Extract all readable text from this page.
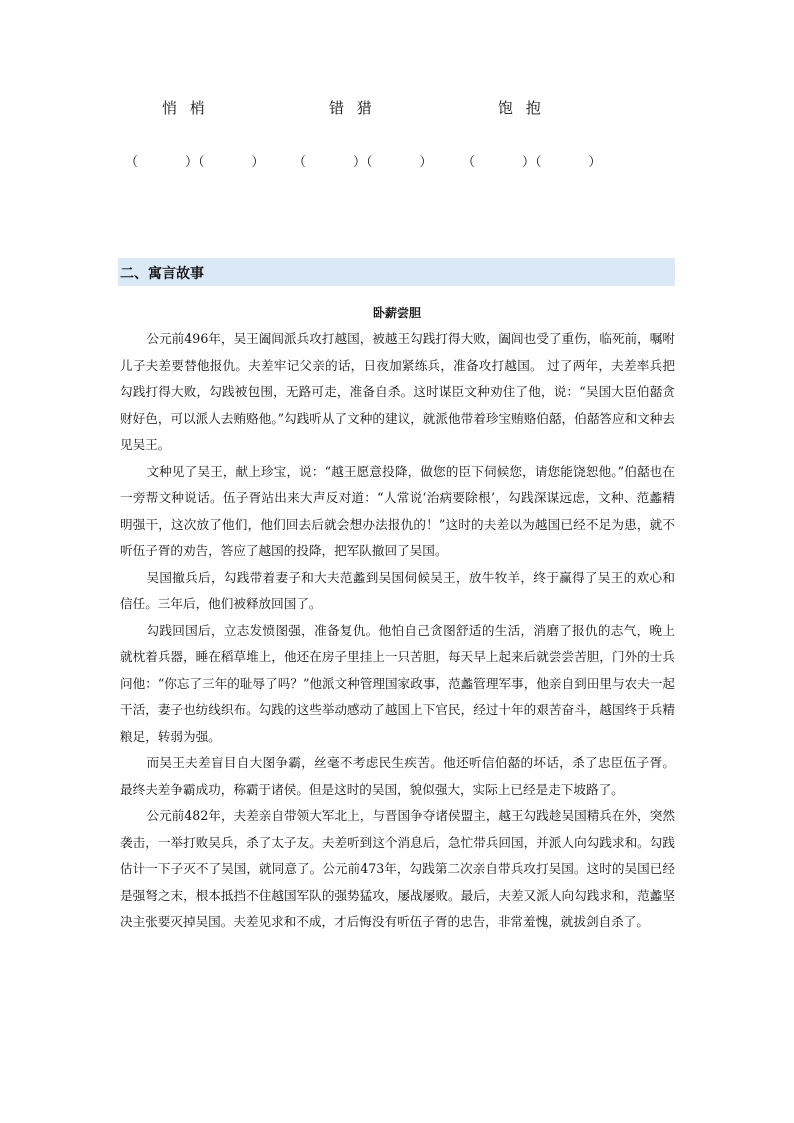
悄 梢	错 猎	饱 抱
（      ）（      ） （      ）（      ） （      ）（      ）
二、寓言故事
卧薪尝胆

公元前496年，吴王阖闾派兵攻打越国，被越王勾践打得大败，阖闾也受了重伤，临死前，嘱咐儿子夫差要替他报仇。夫差牢记父亲的话，日夜加紧练兵，准备攻打越国。 过了两年，夫差率兵把勾践打得大败，勾践被包围，无路可走，准备自杀。这时谋臣文种劝住了他，说：“吴国大臣伯嚭贪财好色，可以派人去贿赂他。”勾践听从了文种的建议，就派他带着珍宝贿赂伯嚭，伯嚭答应和文种去见吴王。

文种见了吴王，献上珍宝，说：“越王愿意投降，做您的臣下伺候您，请您能饶恕他。”伯嚭也在一旁帮文种说话。伍子胥站出来大声反对道：“人常说‘治病要除根’，勾践深谋远虑，文种、范蠡精明强干，这次放了他们，他们回去后就会想办法报仇的！”这时的夫差以为越国已经不足为患，就不听伍子胥的劝告，答应了越国的投降，把军队撤回了吴国。

吴国撤兵后，勾践带着妻子和大夫范蠡到吴国伺候吴王，放牛牧羊，终于赢得了吴王的欢心和信任。三年后，他们被释放回国了。

勾践回国后，立志发愤图强，准备复仇。他怕自己贪图舒适的生活，消磨了报仇的志气，晚上就枕着兵器，睡在稻草堆上，他还在房子里挂上一只苦胆，每天早上起来后就尝尝苦胆，门外的士兵问他：“你忘了三年的耻辱了吗？”他派文种管理国家政事，范蠡管理军事，他亲自到田里与农夫一起干活，妻子也纺线织布。勾践的这些举动感动了越国上下官民，经过十年的艰苦奋斗，越国终于兵精粮足，转弱为强。

而吴王夫差盲目自大图争霸，丝毫不考虑民生疾苦。他还听信伯嚭的坏话，杀了忠臣伍子胥。最终夫差争霸成功，称霸于诸侯。但是这时的吴国，貌似强大，实际上已经是走下坡路了。

公元前482年，夫差亲自带领大军北上，与晋国争夺诸侯盟主，越王勾践趁吴国精兵在外，突然袭击，一举打败吴兵，杀了太子友。夫差听到这个消息后，急忙带兵回国，并派人向勾践求和。勾践估计一下子灭不了吴国，就同意了。公元前473年，勾践第二次亲自带兵攻打吴国。这时的吴国已经是强弩之末，根本抵挡不住越国军队的强势猛攻，屡战屡败。最后，夫差又派人向勾践求和，范蠡坚决主张要灭掉吴国。夫差见求和不成，才后悔没有听伍子胥的忠告，非常羞愧，就拔剑自杀了。
